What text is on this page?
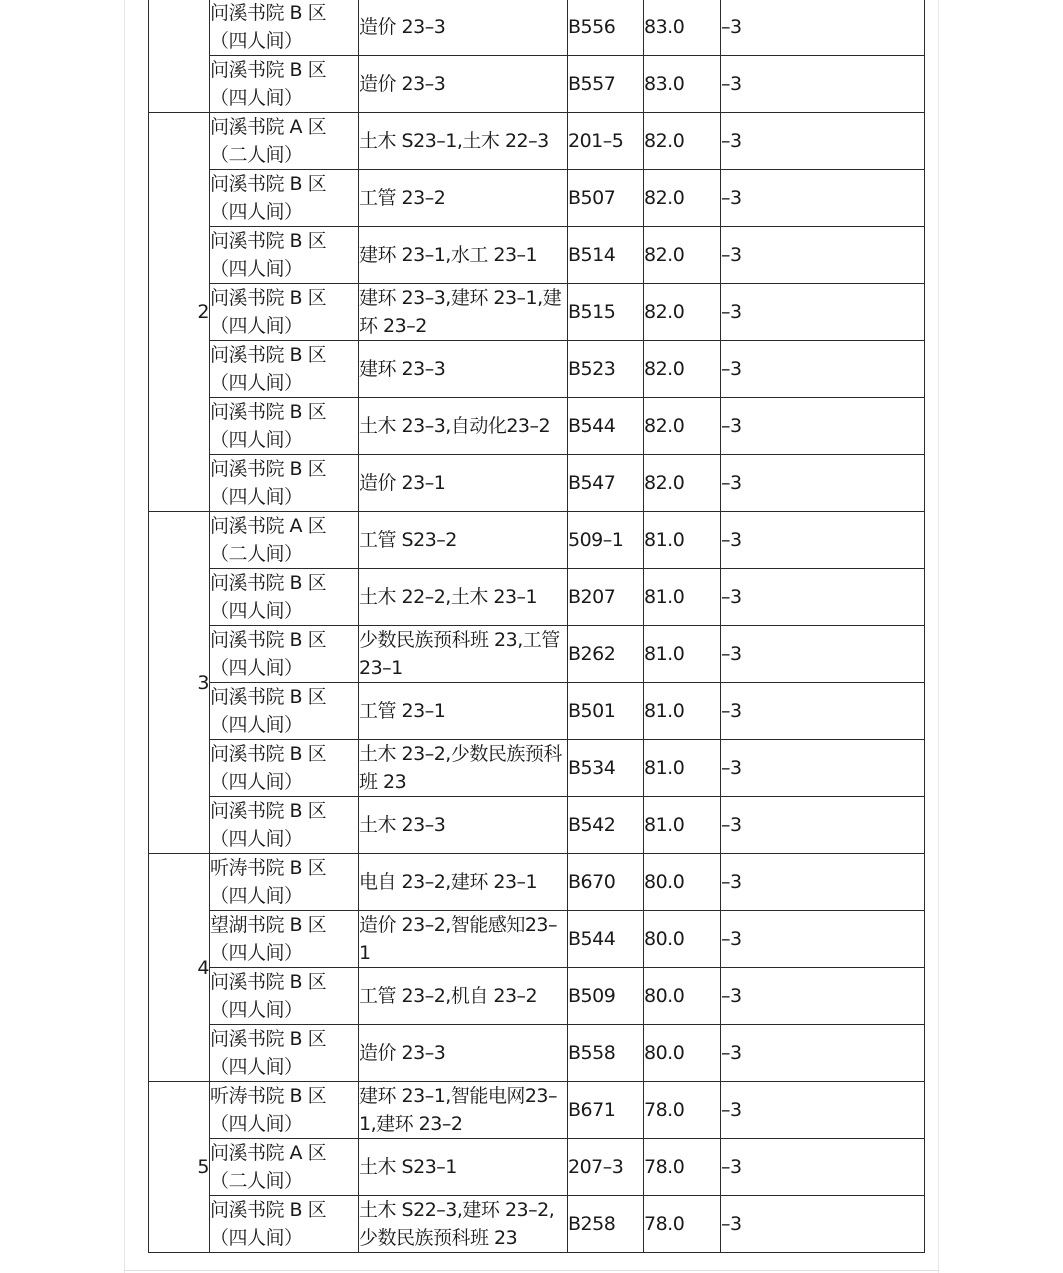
	问溪书院 B 区
（四人间）	造价 23–3	B556	83.0	–3

	问溪书院 B 区
（四人间）	造价 23–3	B557	83.0	–3
2	问溪书院 A 区
（二人间）	土木 S23–1,土木 22–3	201–5	82.0	–3

	问溪书院 B 区
（四人间）	工管 23–2	B507	82.0	–3

	问溪书院 B 区
（四人间）	建环 23–1,水工 23–1	B514	82.0	–3

	问溪书院 B 区
（四人间）	建环 23–3,建环 23–1,建环 23–2	B515	82.0	–3

	问溪书院 B 区
（四人间）	建环 23–3	B523	82.0	–3

	问溪书院 B 区
（四人间）	土木 23–3,自动化23–2	B544	82.0	–3

	问溪书院 B 区
（四人间）	造价 23–1	B547	82.0	–3
3	问溪书院 A 区
（二人间）	工管 S23–2	509–1	81.0	–3

	问溪书院 B 区
（四人间）	土木 22–2,土木 23–1	B207	81.0	–3

	问溪书院 B 区
（四人间）	少数民族预科班 23,工管 23–1	B262	81.0	–3

	问溪书院 B 区
（四人间）	工管 23–1	B501	81.0	–3

	问溪书院 B 区
（四人间）	土木 23–2,少数民族预科班 23	B534	81.0	–3

	问溪书院 B 区
（四人间）	土木 23–3	B542	81.0	–3
4	听涛书院 B 区
（四人间）	电自 23–2,建环 23–1	B670	80.0	–3

	望湖书院 B 区
（四人间）	造价 23–2,智能感知23–1	B544	80.0	–3

	问溪书院 B 区
（四人间）	工管 23–2,机自 23–2	B509	80.0	–3

	问溪书院 B 区
（四人间）	造价 23–3	B558	80.0	–3
5	听涛书院 B 区
（四人间）	建环 23–1,智能电网23–1,建环 23–2	B671	78.0	–3

	问溪书院 A 区
（二人间）	土木 S23–1	207–3	78.0	–3

	问溪书院 B 区
（四人间）	土木 S22–3,建环 23–2,少数民族预科班 23	B258	78.0	–3
